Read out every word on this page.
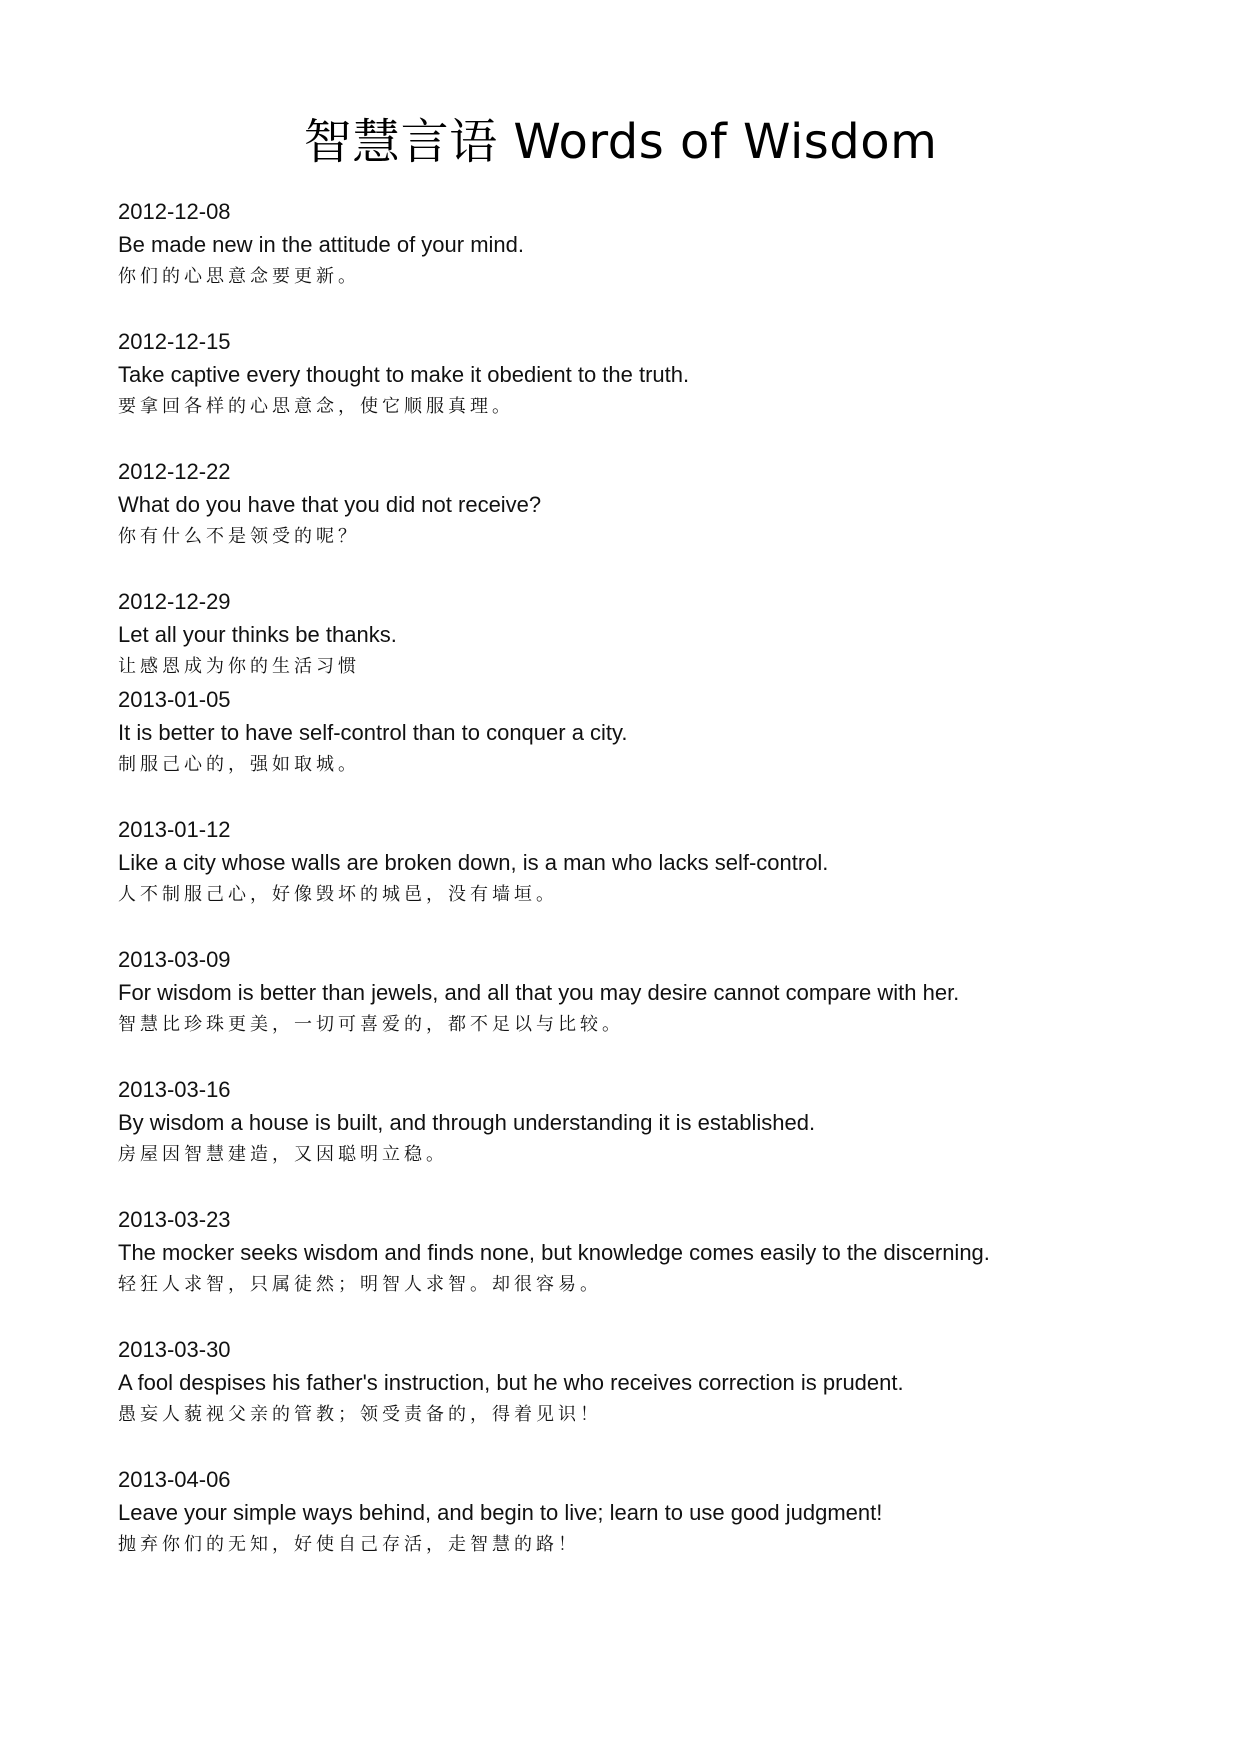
智慧言语 Words of Wisdom
2012-12-08
Be made new in the attitude of your mind.
你们的心思意念要更新。
2012-12-15
Take captive every thought to make it obedient to the truth.
要拿回各样的心思意念，使它顺服真理。
2012-12-22
What do you have that you did not receive?
你有什么不是领受的呢？
2012-12-29
Let all your thinks be thanks.
让感恩成为你的生活习惯
2013-01-05
It is better to have self-control than to conquer a city.
制服己心的，强如取城。
2013-01-12
Like a city whose walls are broken down, is a man who lacks self-control.
人不制服己心，好像毁坏的城邑，没有墙垣。
2013-03-09
For wisdom is better than jewels, and all that you may desire cannot compare with her.
智慧比珍珠更美，一切可喜爱的，都不足以与比较。
2013-03-16
By wisdom a house is built, and through understanding it is established.
房屋因智慧建造，又因聪明立稳。
2013-03-23
The mocker seeks wisdom and finds none, but knowledge comes easily to the discerning.
轻狂人求智，只属徒然；明智人求智。却很容易。
2013-03-30
A fool despises his father's instruction, but he who receives correction is prudent.
愚妄人藐视父亲的管教；领受责备的，得着见识！
2013-04-06
Leave your simple ways behind, and begin to live; learn to use good judgment!
抛弃你们的无知，好使自己存活，走智慧的路！
